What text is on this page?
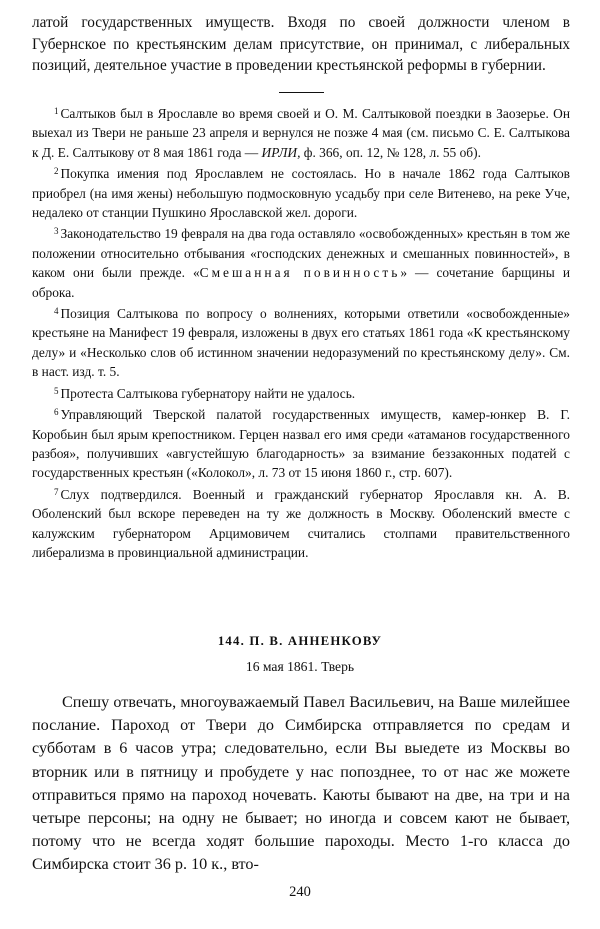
латой государственных имуществ. Входя по своей должности членом в Губернское по крестьянским делам присутствие, он принимал, с либеральных позиций, деятельное участие в проведении крестьянской реформы в губернии.

$^1$ Салтыков был в Ярославле во время своей и О. М. Салтыковой поездки в Заозерье. Он выехал из Твери не раньше 23 апреля и вернулся не позже 4 мая (см. письмо С. Е. Салтыкова к Д. Е. Салтыкову от 8 мая 1861 года — ИРЛИ, ф. 366, оп. 12, № 128, л. 55 об).

$^2$ Покупка имения под Ярославлем не состоялась. Но в начале 1862 года Салтыков приобрел (на имя жены) небольшую подмосковную усадьбу при селе Витенево, на реке Уче, недалеко от станции Пушкино Ярославской жел. дороги.

$^3$ Законодательство 19 февраля на два года оставляло «освобожденных» крестьян в том же положении относительно отбывания «господских денежных и смешанных повинностей», в каком они были прежде. «Смешанная повинность» — сочетание барщины и оброка.

$^4$ Позиция Салтыкова по вопросу о волнениях, которыми ответили «освобожденные» крестьяне на Манифест 19 февраля, изложены в двух его статьях 1861 года «К крестьянскому делу» и «Несколько слов об истинном значении недоразумений по крестьянскому делу». См. в наст. изд. т. 5.

$^5$ Протеста Салтыкова губернатору найти не удалось.

$^6$ Управляющий Тверской палатой государственных имуществ, камер-юнкер В. Г. Коробьин был ярым крепостником. Герцен назвал его имя среди «атаманов государственного разбоя», получивших «августейшую благодарность» за взимание беззаконных податей с государственных крестьян («Колокол», л. 73 от 15 июня 1860 г., стр. 607).

$^7$ Слух подтвердился. Военный и гражданский губернатор Ярославля кн. А. В. Оболенский был вскоре переведен на ту же должность в Москву. Оболенский вместе с калужским губернатором Арцимовичем считались столпами правительственного либерализма в провинциальной администрации.

144. П. В. АННЕНКОВУ

16 мая 1861. Тверь

Спешу отвечать, многоуважаемый Павел Васильевич, на Ваше милейшее послание. Пароход от Твери до Симбирска отправляется по средам и субботам в 6 часов утра; следовательно, если Вы выедете из Москвы во вторник или в пятницу и пробудете у нас попозднее, то от нас же можете отправиться прямо на пароход ночевать. Каюты бывают на две, на три и на четыре персоны; на одну не бывает; но иногда и совсем кают не бывает, потому что не всегда ходят большие пароходы. Место 1-го класса до Симбирска стоит 36 р. 10 к., вто-

240
